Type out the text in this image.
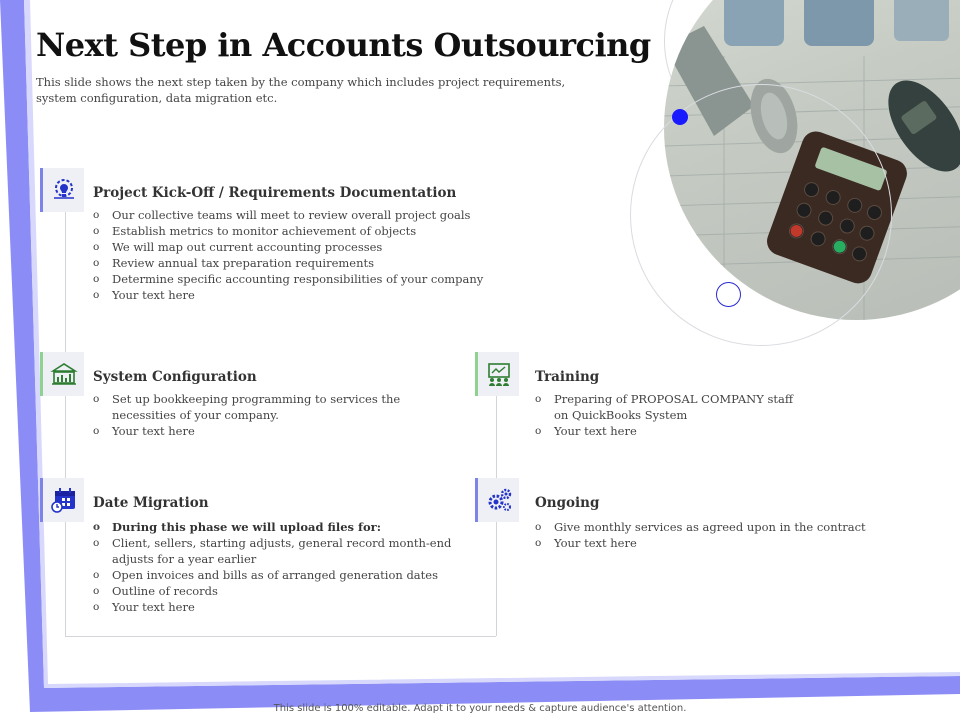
Next Step in Accounts Outsourcing

This slide shows the next step taken by the company which includes project requirements, system configuration, data migration etc.

Project Kick-Off / Requirements Documentation
o Our collective teams will meet to review overall project goals
o Establish metrics to monitor achievement of objects
o We will map out current accounting processes
o Review annual tax preparation requirements
o Determine specific accounting responsibilities of your company
o Your text here
System Configuration
o Set up bookkeeping programming to services the
necessities of your company.
o Your text here
Training
o Preparing of PROPOSAL COMPANY staff
on QuickBooks System
o Your text here
Date Migration
o During this phase we will upload files for:
o Client, sellers, starting adjusts, general record month-end
adjusts for a year earlier
o Open invoices and bills as of arranged generation dates
o Outline of records
o Your text here
Ongoing
o Give monthly services as agreed upon in the contract
o Your text here
This slide is 100% editable. Adapt it to your needs & capture audience's attention.
